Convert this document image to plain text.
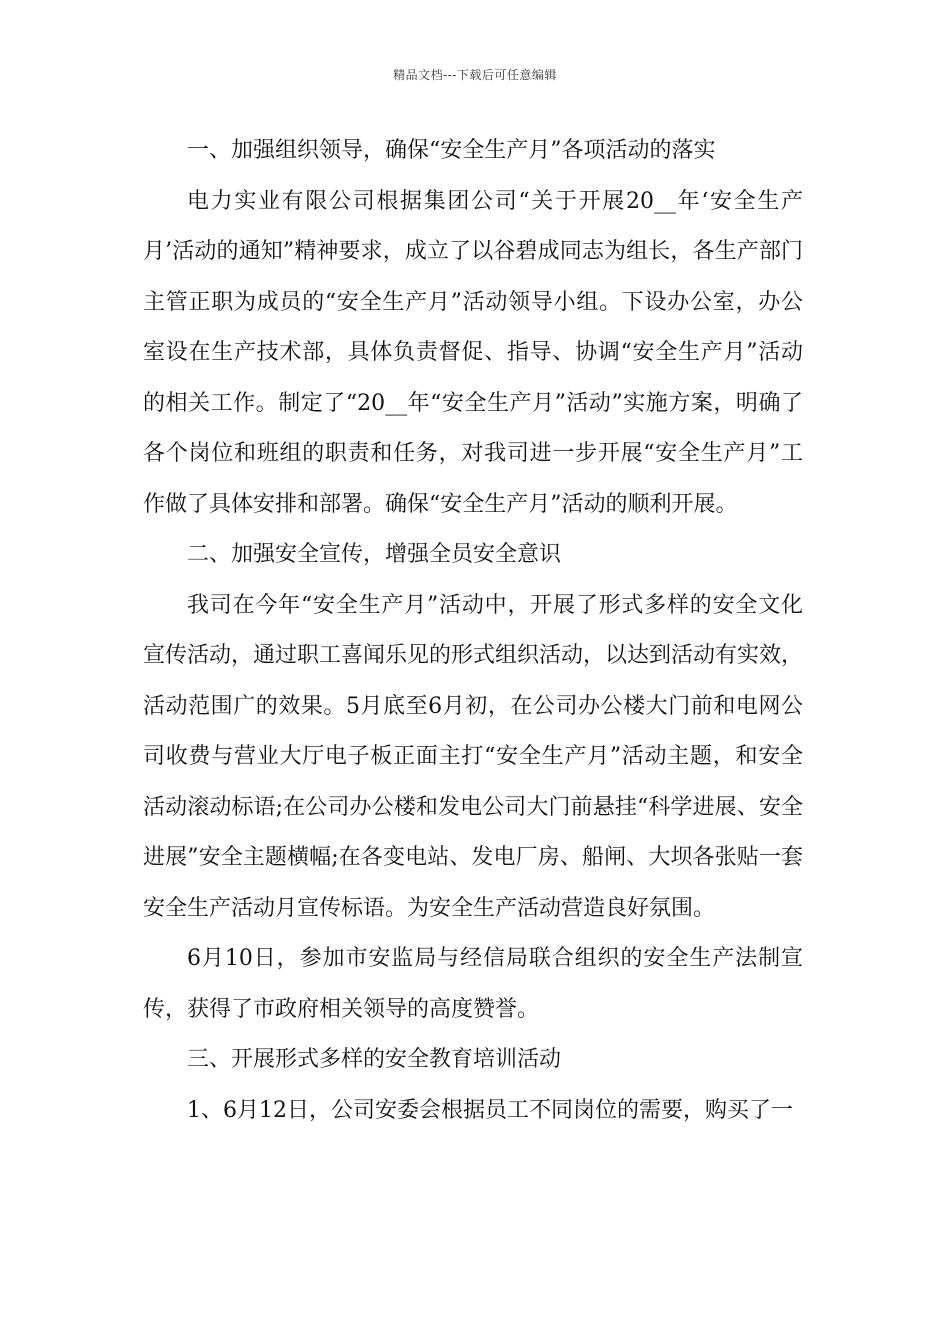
精品文档---下载后可任意编辑

一、加强组织领导，确保“安全生产月”各项活动的落实

电力实业有限公司根据集团公司“关于开展20__年‘安全生产月’活动的通知”精神要求，成立了以谷碧成同志为组长，各生产部门主管正职为成员的“安全生产月”活动领导小组。下设办公室，办公室设在生产技术部，具体负责督促、指导、协调“安全生产月”活动的相关工作。制定了“20__年“安全生产月”活动”实施方案，明确了各个岗位和班组的职责和任务，对我司进一步开展“安全生产月”工作做了具体安排和部署。确保“安全生产月”活动的顺利开展。

二、加强安全宣传，增强全员安全意识

我司在今年“安全生产月”活动中，开展了形式多样的安全文化宣传活动，通过职工喜闻乐见的形式组织活动，以达到活动有实效，活动范围广的效果。5月底至6月初，在公司办公楼大门前和电网公司收费与营业大厅电子板正面主打“安全生产月”活动主题，和安全活动滚动标语;在公司办公楼和发电公司大门前悬挂“科学进展、安全进展”安全主题横幅;在各变电站、发电厂房、船闸、大坝各张贴一套安全生产活动月宣传标语。为安全生产活动营造良好氛围。

6月10日，参加市安监局与经信局联合组织的安全生产法制宣传，获得了市政府相关领导的高度赞誉。

三、开展形式多样的安全教育培训活动

1、6月12日，公司安委会根据员工不同岗位的需要，购买了一
